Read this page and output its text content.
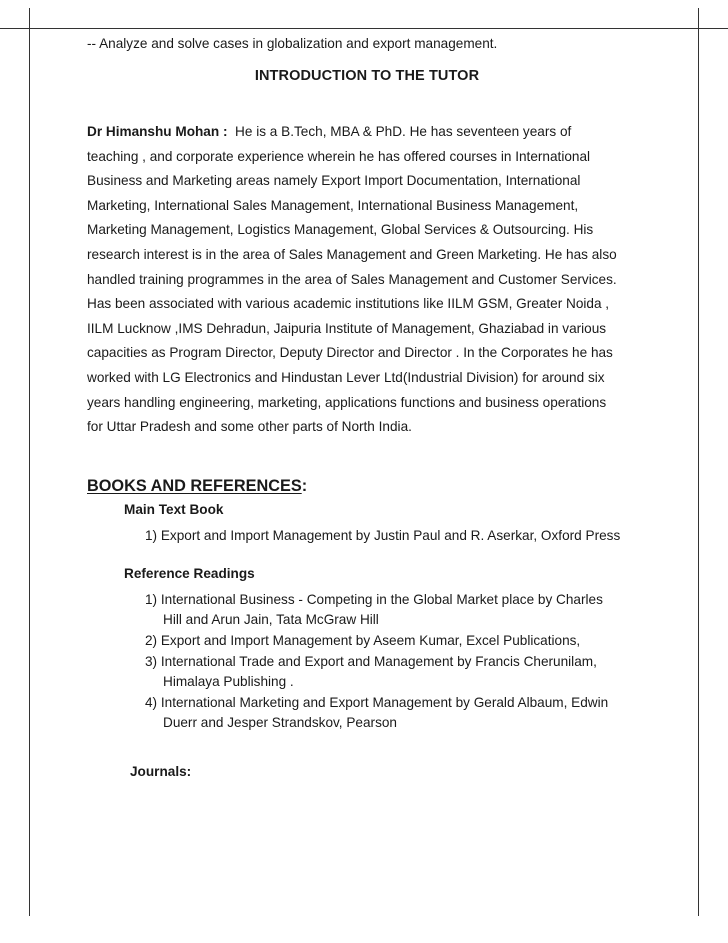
-- Analyze and solve cases in globalization and export management.
INTRODUCTION TO THE TUTOR
Dr Himanshu Mohan : He is a B.Tech, MBA & PhD. He has seventeen years of
teaching , and corporate experience wherein he has offered courses in International
Business and Marketing areas namely Export Import Documentation, International
Marketing, International Sales Management, International Business Management,
Marketing Management, Logistics Management, Global Services & Outsourcing. His
research interest is in the area of Sales Management and Green Marketing. He has also
handled training programmes in the area of Sales Management and Customer Services.
Has been associated with various academic institutions like IILM GSM, Greater Noida ,
IILM Lucknow ,IMS Dehradun, Jaipuria Institute of Management, Ghaziabad in various
capacities as Program Director, Deputy Director and Director . In the Corporates he has
worked with LG Electronics and Hindustan Lever Ltd(Industrial Division) for around six
years handling engineering, marketing, applications functions and business operations
for Uttar Pradesh and some other parts of North India.
BOOKS AND REFERENCES:
Main Text Book
1) Export and Import Management by Justin Paul and R. Aserkar, Oxford Press
Reference Readings
1) International Business - Competing in the Global Market place by Charles
Hill and Arun Jain, Tata McGraw Hill
2) Export and Import Management by Aseem Kumar, Excel Publications,
3) International Trade and Export and Management by Francis Cherunilam,
Himalaya Publishing .
4) International Marketing and Export Management by Gerald Albaum, Edwin
Duerr and Jesper Strandskov, Pearson
Journals:
